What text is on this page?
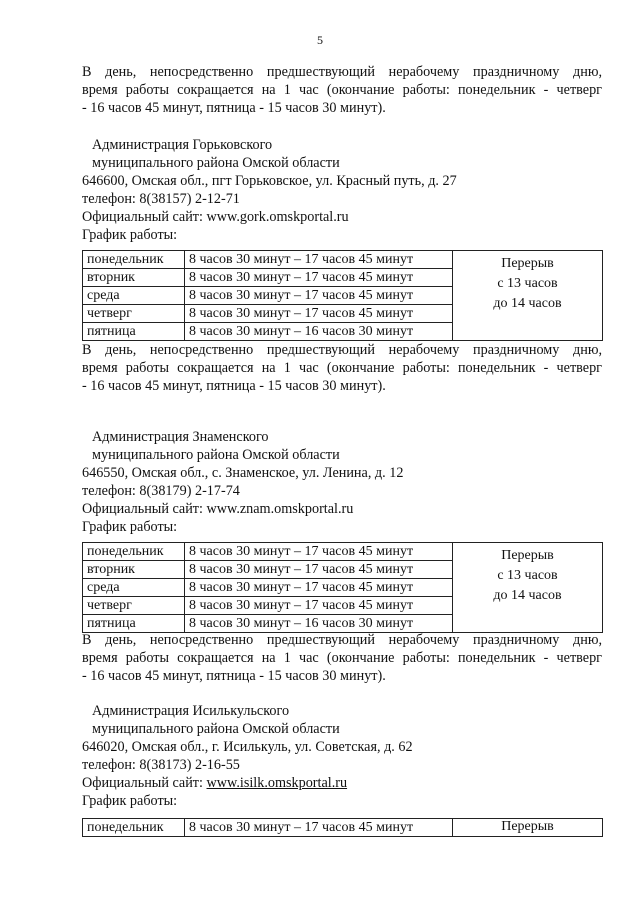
5
В день, непосредственно предшествующий нерабочему праздничному дню,
время работы сокращается на 1 час (окончание работы: понедельник - четверг
- 16 часов 45 минут, пятница - 15 часов 30 минут).
Администрация Горьковского
муниципального района Омской области
646600, Омская обл., пгт Горьковское, ул. Красный путь, д. 27
телефон: 8(38157) 2-12-71
Официальный сайт: www.gork.omskportal.ru
График работы:
понедельник	8 часов 30 минут – 17 часов 45 минут	Перерыв
с 13 часов
до 14 часов

вторник	8 часов 30 минут – 17 часов 45 минут	
среда	8 часов 30 минут – 17 часов 45 минут	
четверг	8 часов 30 минут – 17 часов 45 минут	
пятница	8 часов 30 минут – 16 часов 30 минут	
В день, непосредственно предшествующий нерабочему праздничному дню,
время работы сокращается на 1 час (окончание работы: понедельник - четверг
- 16 часов 45 минут, пятница - 15 часов 30 минут).
Администрация Знаменского
муниципального района Омской области
646550, Омская обл., с. Знаменское, ул. Ленина, д. 12
телефон: 8(38179) 2-17-74
Официальный сайт: www.znam.omskportal.ru
График работы:
понедельник	8 часов 30 минут – 17 часов 45 минут	Перерыв
с 13 часов
до 14 часов

вторник	8 часов 30 минут – 17 часов 45 минут	
среда	8 часов 30 минут – 17 часов 45 минут	
четверг	8 часов 30 минут – 17 часов 45 минут	
пятница	8 часов 30 минут – 16 часов 30 минут	
В день, непосредственно предшествующий нерабочему праздничному дню,
время работы сокращается на 1 час (окончание работы: понедельник - четверг
- 16 часов 45 минут, пятница - 15 часов 30 минут).
Администрация Исилькульского
муниципального района Омской области
646020, Омская обл., г. Исилькуль, ул. Советская, д. 62
телефон: 8(38173) 2-16-55
Официальный сайт: www.isilk.omskportal.ru
График работы:
понедельник	8 часов 30 минут – 17 часов 45 минут	Перерыв
